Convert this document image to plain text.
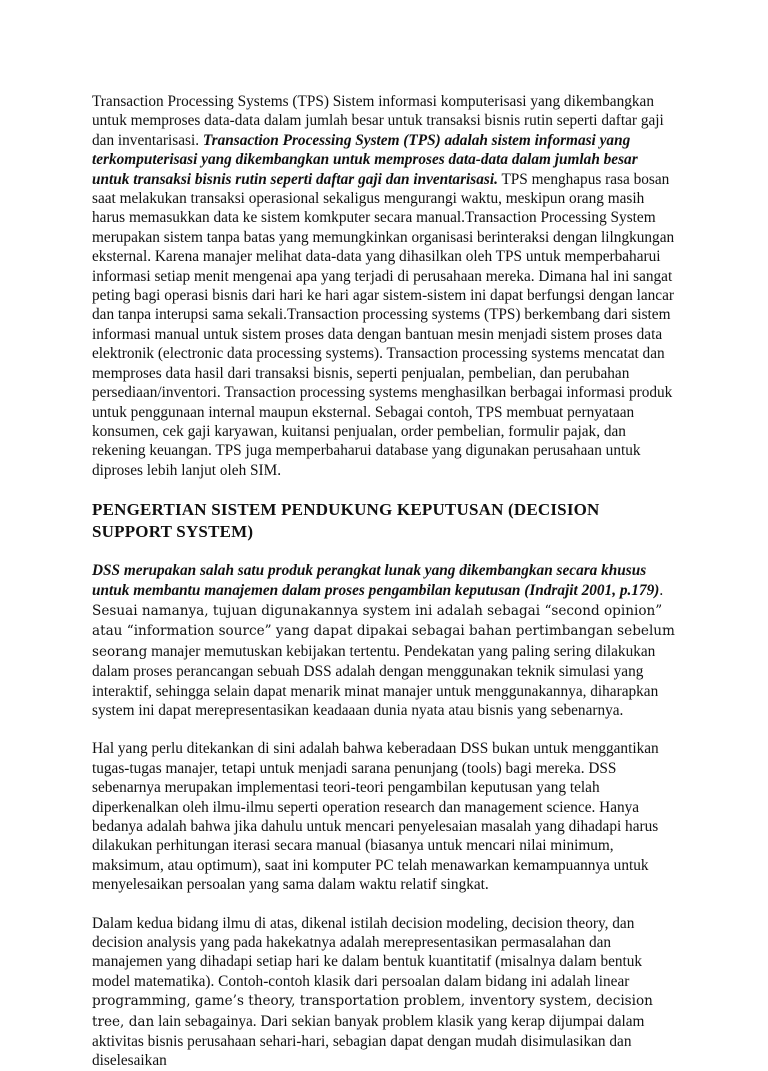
Transaction Processing Systems (TPS) Sistem informasi komputerisasi yang dikembangkan untuk memproses data-data dalam jumlah besar untuk transaksi bisnis rutin seperti daftar gaji dan inventarisasi. Transaction Processing System (TPS) adalah sistem informasi yang terkomputerisasi yang dikembangkan untuk memproses data-data dalam jumlah besar untuk transaksi bisnis rutin seperti daftar gaji dan inventarisasi. TPS menghapus rasa bosan saat melakukan transaksi operasional sekaligus mengurangi waktu, meskipun orang masih harus memasukkan data ke sistem komkputer secara manual.Transaction Processing System merupakan sistem tanpa batas yang memungkinkan organisasi berinteraksi dengan lilngkungan eksternal. Karena manajer melihat data-data yang dihasilkan oleh TPS untuk memperbaharui informasi setiap menit mengenai apa yang terjadi di perusahaan mereka. Dimana hal ini sangat peting bagi operasi bisnis dari hari ke hari agar sistem-sistem ini dapat berfungsi dengan lancar dan tanpa interupsi sama sekali.Transaction processing systems (TPS) berkembang dari sistem informasi manual untuk sistem proses data dengan bantuan mesin menjadi sistem proses data elektronik (electronic data processing systems). Transaction processing systems mencatat dan memproses data hasil dari transaksi bisnis, seperti penjualan, pembelian, dan perubahan persediaan/inventori. Transaction processing systems menghasilkan berbagai informasi produk untuk penggunaan internal maupun eksternal. Sebagai contoh, TPS membuat pernyataan konsumen, cek gaji karyawan, kuitansi penjualan, order pembelian, formulir pajak, dan rekening keuangan. TPS juga memperbaharui database yang digunakan perusahaan untuk diproses lebih lanjut oleh SIM.

PENGERTIAN SISTEM PENDUKUNG KEPUTUSAN (DECISION SUPPORT SYSTEM)

DSS merupakan salah satu produk perangkat lunak yang dikembangkan secara khusus untuk membantu manajemen dalam proses pengambilan keputusan (Indrajit 2001, p.179). Sesuai namanya, tujuan digunakannya system ini adalah sebagai “second opinion” atau “information source” yang dapat dipakai sebagai bahan pertimbangan sebelum seorang manajer memutuskan kebijakan tertentu. Pendekatan yang paling sering dilakukan dalam proses perancangan sebuah DSS adalah dengan menggunakan teknik simulasi yang interaktif, sehingga selain dapat menarik minat manajer untuk menggunakannya, diharapkan system ini dapat merepresentasikan keadaaan dunia nyata atau bisnis yang sebenarnya.

Hal yang perlu ditekankan di sini adalah bahwa keberadaan DSS bukan untuk menggantikan tugas-tugas manajer, tetapi untuk menjadi sarana penunjang (tools) bagi mereka. DSS sebenarnya merupakan implementasi teori-teori pengambilan keputusan yang telah diperkenalkan oleh ilmu-ilmu seperti operation research dan management science. Hanya bedanya adalah bahwa jika dahulu untuk mencari penyelesaian masalah yang dihadapi harus dilakukan perhitungan iterasi secara manual (biasanya untuk mencari nilai minimum, maksimum, atau optimum), saat ini komputer PC telah menawarkan kemampuannya untuk menyelesaikan persoalan yang sama dalam waktu relatif singkat.

Dalam kedua bidang ilmu di atas, dikenal istilah decision modeling, decision theory, dan decision analysis yang pada hakekatnya adalah merepresentasikan permasalahan dan manajemen yang dihadapi setiap hari ke dalam bentuk kuantitatif (misalnya dalam bentuk model matematika). Contoh-contoh klasik dari persoalan dalam bidang ini adalah linear programming, game’s theory, transportation problem, inventory system, decision tree, dan lain sebagainya. Dari sekian banyak problem klasik yang kerap dijumpai dalam aktivitas bisnis perusahaan sehari-hari, sebagian dapat dengan mudah disimulasikan dan diselesaikan
